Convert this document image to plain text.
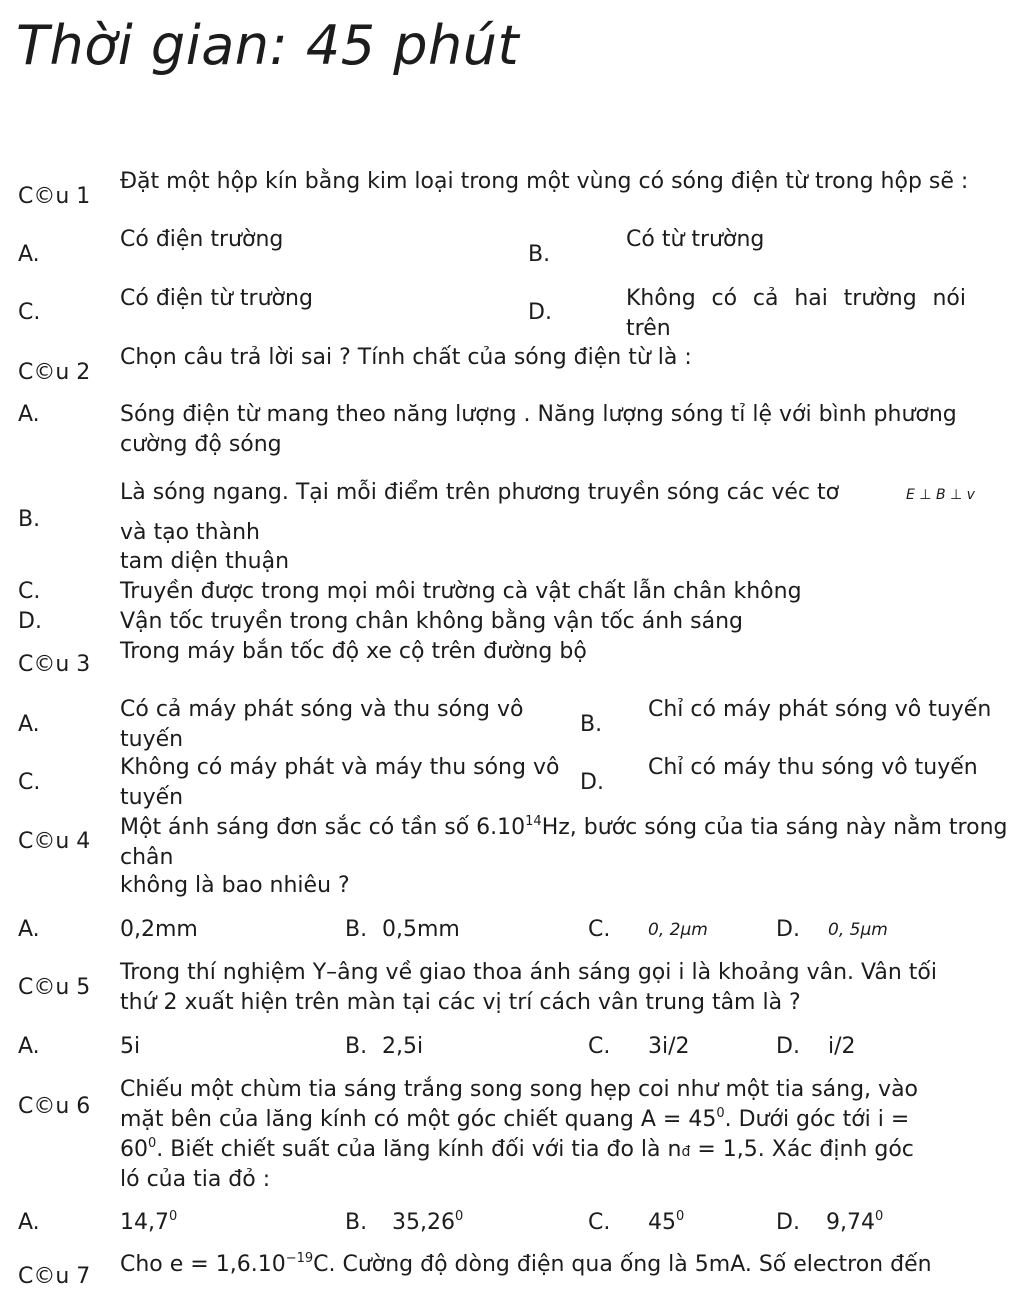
Thời gian: 45 phút
C©u 1
Đặt một hộp kín bằng kim loại trong một vùng có sóng điện từ trong hộp sẽ :
A.
Có điện trường
B.
Có từ trường
C.
Có điện từ trường
D.
Không có cả hai trường nói trên
C©u 2
Chọn câu trả lời sai ? Tính chất của sóng điện từ là :
A.	Sóng điện từ mang theo năng lượng . Năng lượng sóng tỉ lệ với bình phương cường độ sóng
B.
Là sóng ngang. Tại mỗi điểm trên phương truyền sóng các véc tơ	E ⊥ B ⊥ v
và tạo thành
tam diện thuận
C.	Truyền được trong mọi môi trường cà vật chất lẫn chân không
D.	Vận tốc truyền trong chân không bằng vận tốc ánh sáng
C©u 3
Trong máy bắn tốc độ xe cộ trên đường bộ
A.
Có cả máy phát sóng và thu sóng vô tuyến
B.
Chỉ có máy phát sóng vô tuyến
C.
Không có máy phát và máy thu sóng vô tuyến
D.
Chỉ có máy thu sóng vô tuyến
C©u 4
Một ánh sáng đơn sắc có tần số 6.10$^{14}$Hz, bước sóng của tia sáng này nằm trong chân
không là bao nhiêu ?
A.	0,2mm	B. 0,5mm	C. 0, 2μm	D. 0, 5μm
C©u 5
Trong thí nghiệm Y–âng về giao thoa ánh sáng gọi i là khoảng vân. Vân tối thứ 2 xuất hiện trên màn tại các vị trí cách vân trung tâm là ?
A.	5i	B. 2,5i	C. 3i/2	D. i/2
C©u 6
Chiếu một chùm tia sáng trắng song song hẹp coi như một tia sáng, vào
mặt bên của lăng kính có một góc chiết quang $A = 45^0$. Dưới góc tới i =
$60^0$. Biết chiết suất của lăng kính đối với tia đo là nđ = 1,5. Xác định góc
ló của tia đỏ :
A.	14,7$^0$	B. 35,26$^0$	C. $45^0$	D. 9,74$^0$
C©u 7 Cho $e = 1,6.10^{-19}C$. Cường độ dòng điện qua ống là 5mA. Số electron đến
